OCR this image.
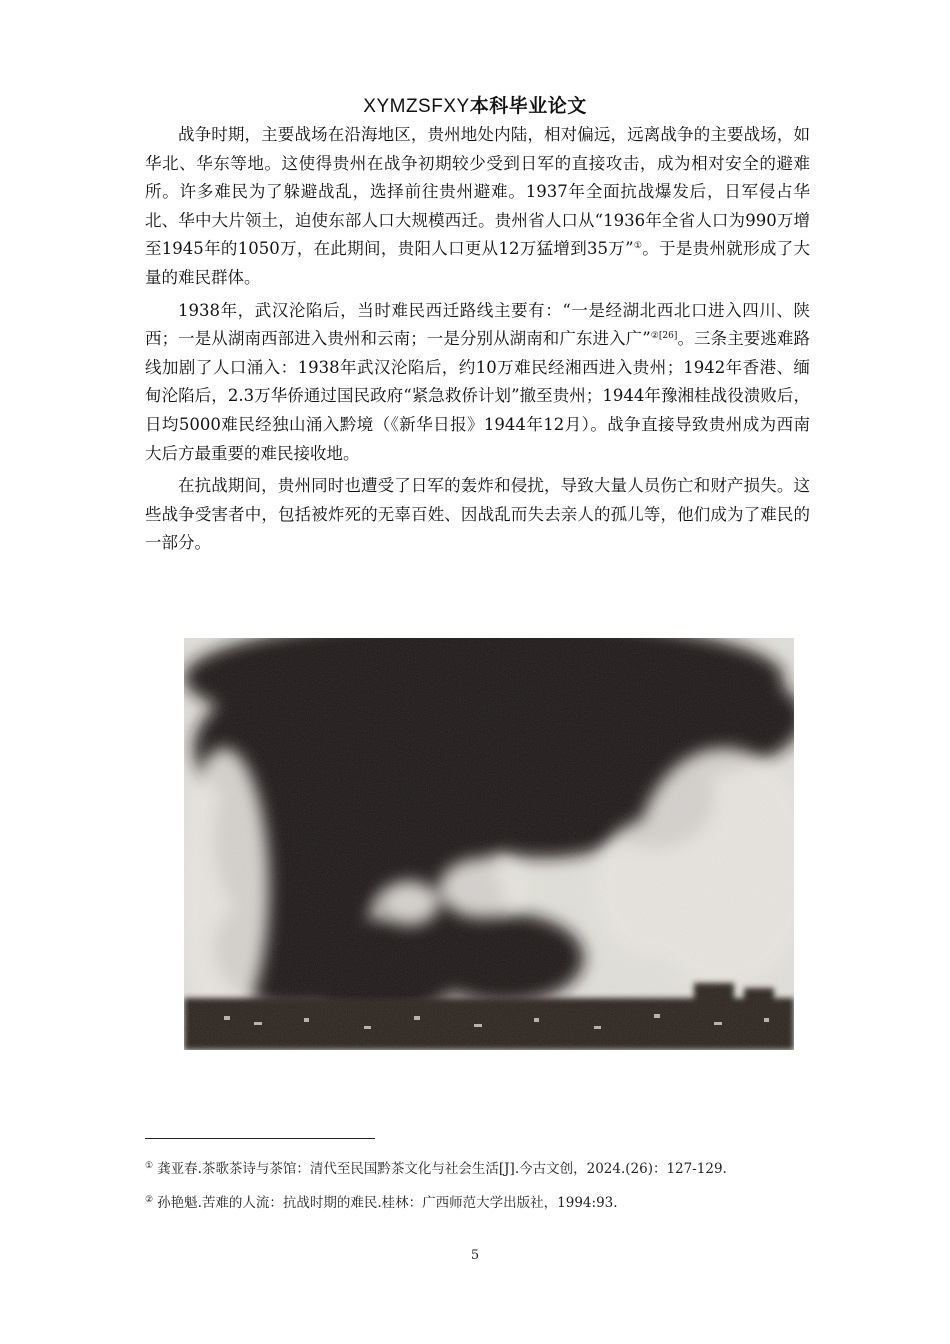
XYMZSFXY本科毕业论文

战争时期，主要战场在沿海地区，贵州地处内陆，相对偏远，远离战争的主要战场，如华北、华东等地。这使得贵州在战争初期较少受到日军的直接攻击，成为相对安全的避难所。许多难民为了躲避战乱，选择前往贵州避难。1937年全面抗战爆发后，日军侵占华北、华中大片领土，迫使东部人口大规模西迁。贵州省人口从“1936年全省人口为990万增至1945年的1050万，在此期间，贵阳人口更从12万猛增到35万”①。于是贵州就形成了大量的难民群体。

1938年，武汉沦陷后，当时难民西迁路线主要有：“一是经湖北西北口进入四川、陕西；一是从湖南西部进入贵州和云南；一是分别从湖南和广东进入广”$^{②[26]}$。三条主要逃难路线加剧了人口涌入：1938年武汉沦陷后，约10万难民经湘西进入贵州；1942年香港、缅甸沦陷后，2.3万华侨通过国民政府“紧急救侨计划”撤至贵州；1944年豫湘桂战役溃败后，日均5000难民经独山涌入黔境（《新华日报》1944年12月）。战争直接导致贵州成为西南大后方最重要的难民接收地。

在抗战期间，贵州同时也遭受了日军的轰炸和侵扰，导致大量人员伤亡和财产损失。这些战争受害者中，包括被炸死的无辜百姓、因战乱而失去亲人的孤儿等，他们成为了难民的一部分。

① 龚亚春.茶歌茶诗与茶馆：清代至民国黔茶文化与社会生活[J].今古文创，2024.(26)：127-129.
② 孙艳魁.苦难的人流：抗战时期的难民.桂林：广西师范大学出版社，1994:93.
5
